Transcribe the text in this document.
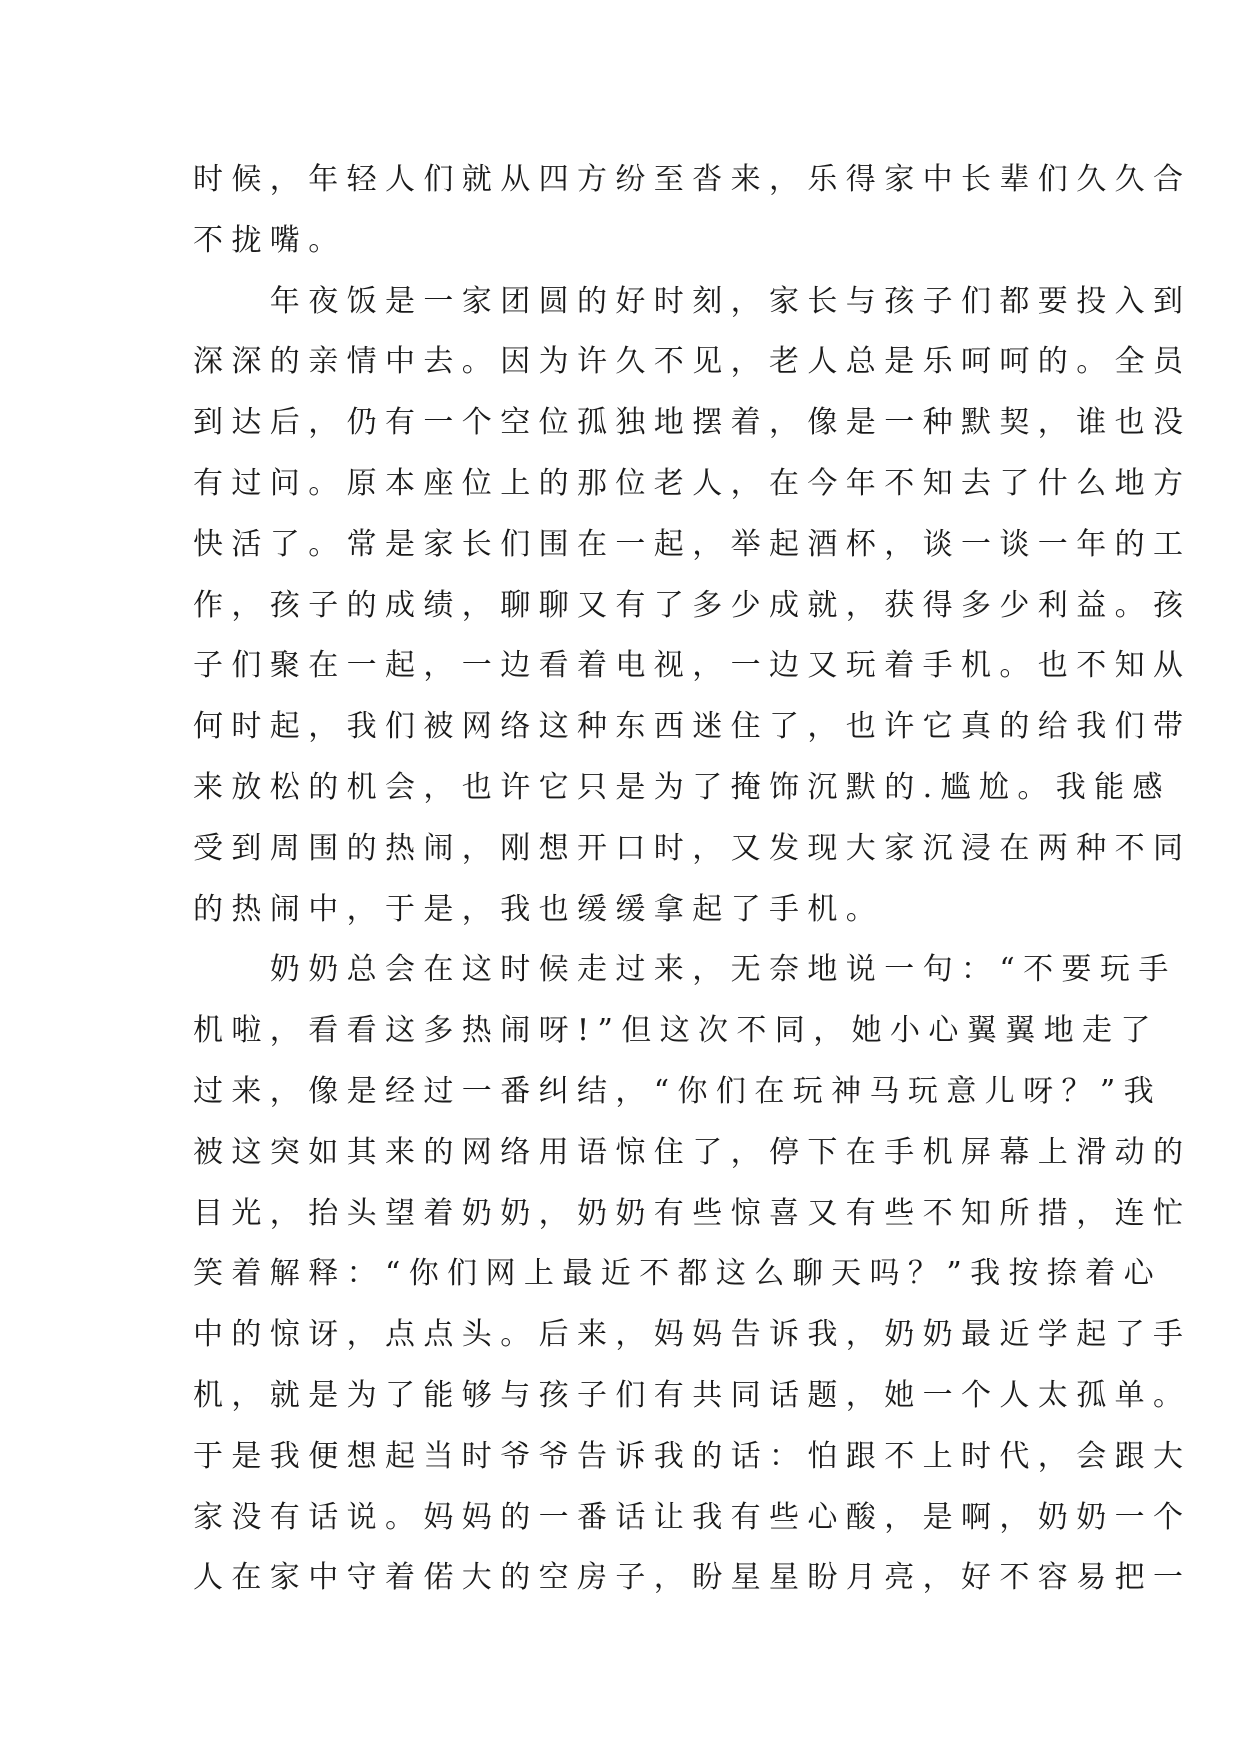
时候，年轻人们就从四方纷至沓来，乐得家中长辈们久久合
不拢嘴。
年夜饭是一家团圆的好时刻，家长与孩子们都要投入到
深深的亲情中去。因为许久不见，老人总是乐呵呵的。全员
到达后，仍有一个空位孤独地摆着，像是一种默契，谁也没
有过问。原本座位上的那位老人，在今年不知去了什么地方
快活了。常是家长们围在一起，举起酒杯，谈一谈一年的工
作，孩子的成绩，聊聊又有了多少成就，获得多少利益。孩
子们聚在一起，一边看着电视，一边又玩着手机。也不知从
何时起，我们被网络这种东西迷住了，也许它真的给我们带
来放松的机会，也许它只是为了掩饰沉默的.尴尬。我能感
受到周围的热闹，刚想开口时，又发现大家沉浸在两种不同
的热闹中，于是，我也缓缓拿起了手机。
奶奶总会在这时候走过来，无奈地说一句：“不要玩手
机啦，看看这多热闹呀!”但这次不同，她小心翼翼地走了
过来，像是经过一番纠结，“你们在玩神马玩意儿呀？”我
被这突如其来的网络用语惊住了，停下在手机屏幕上滑动的
目光，抬头望着奶奶，奶奶有些惊喜又有些不知所措，连忙
笑着解释：“你们网上最近不都这么聊天吗？”我按捺着心
中的惊讶，点点头。后来，妈妈告诉我，奶奶最近学起了手
机，就是为了能够与孩子们有共同话题，她一个人太孤单。
于是我便想起当时爷爷告诉我的话：怕跟不上时代，会跟大
家没有话说。妈妈的一番话让我有些心酸，是啊，奶奶一个
人在家中守着偌大的空房子，盼星星盼月亮，好不容易把一
